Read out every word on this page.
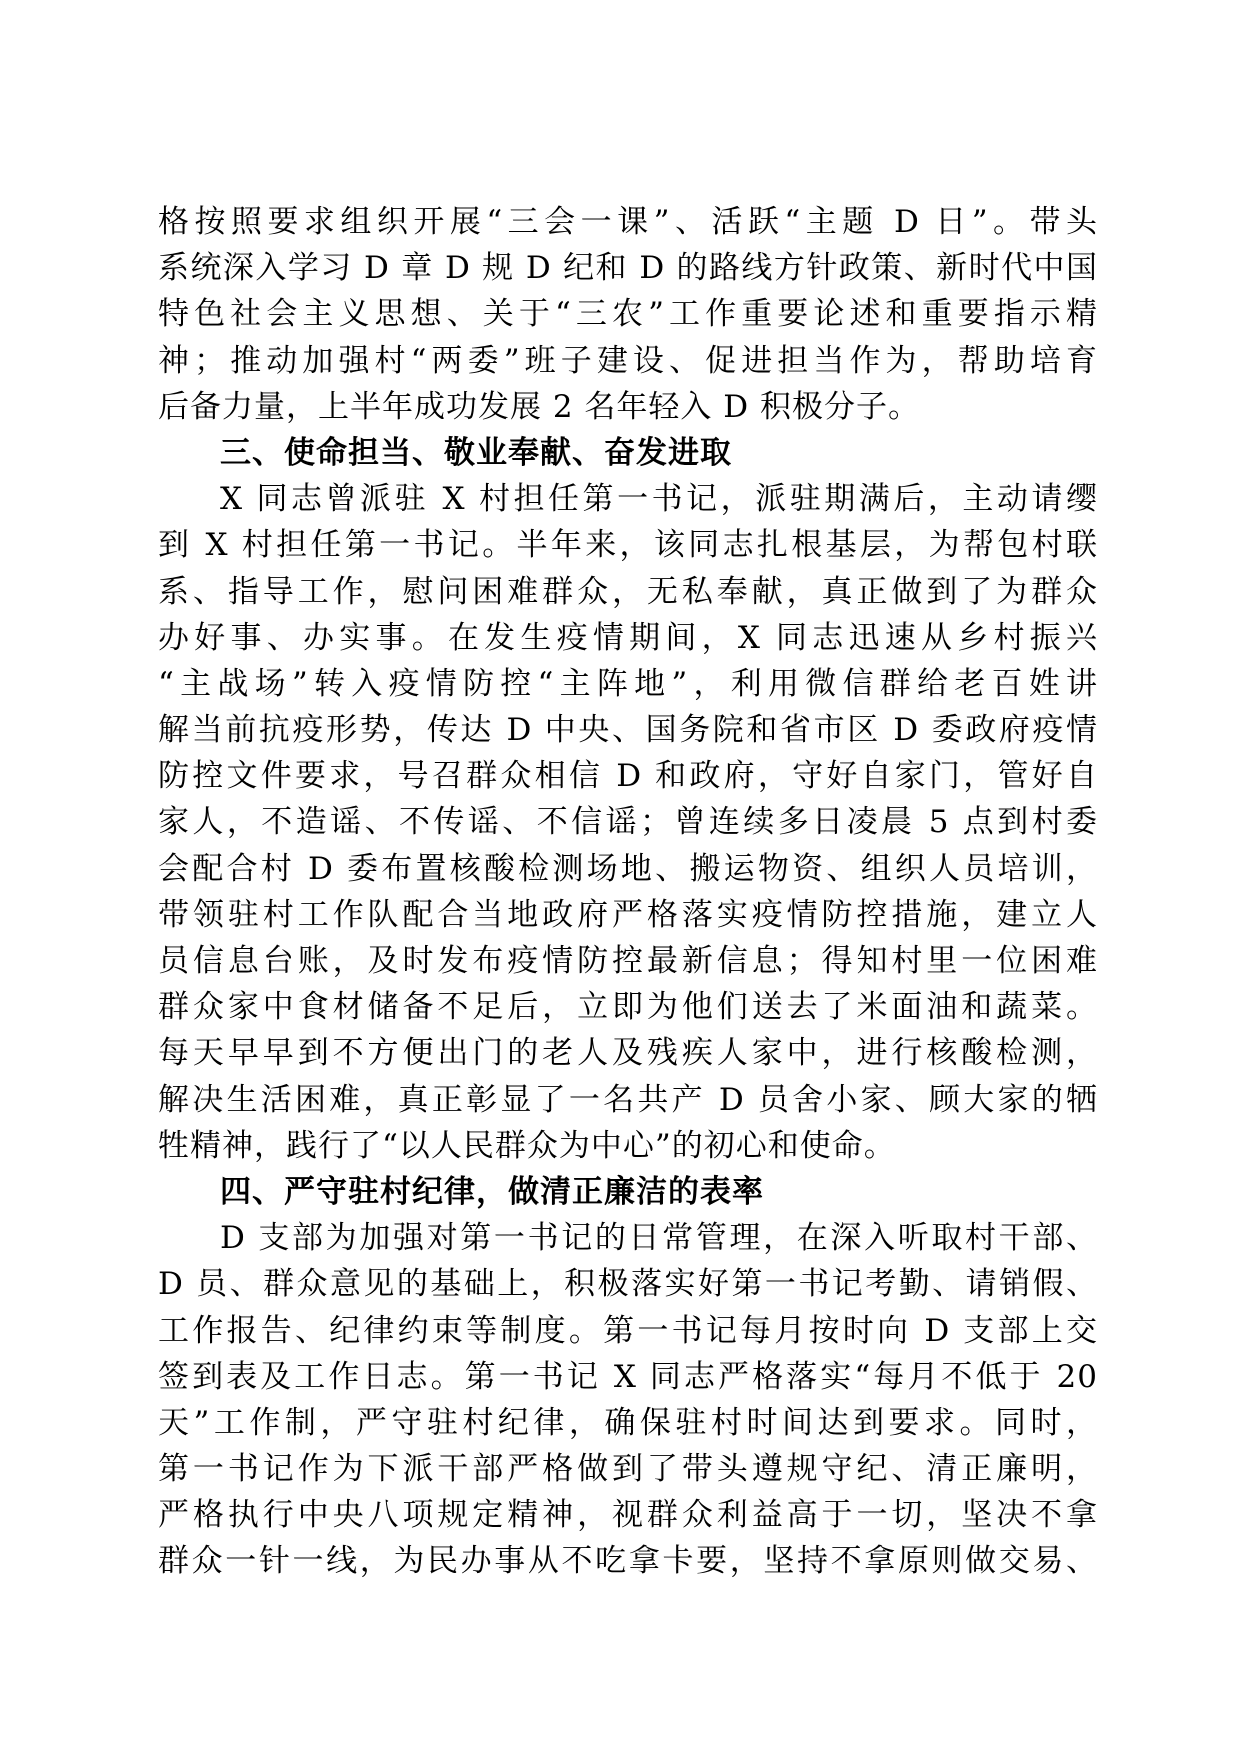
格按照要求组织开展“三会一课”、活跃“主题 D 日”。带头
系统深入学习 D 章 D 规 D 纪和 D 的路线方针政策、新时代中国
特色社会主义思想、关于“三农”工作重要论述和重要指示精
神；推动加强村“两委”班子建设、促进担当作为，帮助培育
后备力量，上半年成功发展 2 名年轻入 D 积极分子。
三、使命担当、敬业奉献、奋发进取
X 同志曾派驻 X 村担任第一书记，派驻期满后，主动请缨
到 X 村担任第一书记。半年来，该同志扎根基层，为帮包村联
系、指导工作，慰问困难群众，无私奉献，真正做到了为群众
办好事、办实事。在发生疫情期间，X 同志迅速从乡村振兴
“主战场”转入疫情防控“主阵地”，利用微信群给老百姓讲
解当前抗疫形势，传达 D 中央、国务院和省市区 D 委政府疫情
防控文件要求，号召群众相信 D 和政府，守好自家门，管好自
家人，不造谣、不传谣、不信谣；曾连续多日凌晨 5 点到村委
会配合村 D 委布置核酸检测场地、搬运物资、组织人员培训，
带领驻村工作队配合当地政府严格落实疫情防控措施，建立人
员信息台账，及时发布疫情防控最新信息；得知村里一位困难
群众家中食材储备不足后，立即为他们送去了米面油和蔬菜。
每天早早到不方便出门的老人及残疾人家中，进行核酸检测，
解决生活困难，真正彰显了一名共产 D 员舍小家、顾大家的牺
牲精神，践行了“以人民群众为中心”的初心和使命。
四、严守驻村纪律，做清正廉洁的表率
D 支部为加强对第一书记的日常管理，在深入听取村干部、
D 员、群众意见的基础上，积极落实好第一书记考勤、请销假、
工作报告、纪律约束等制度。第一书记每月按时向 D 支部上交
签到表及工作日志。第一书记 X 同志严格落实“每月不低于 20
天”工作制，严守驻村纪律，确保驻村时间达到要求。同时，
第一书记作为下派干部严格做到了带头遵规守纪、清正廉明，
严格执行中央八项规定精神，视群众利益高于一切，坚决不拿
群众一针一线，为民办事从不吃拿卡要，坚持不拿原则做交易、
